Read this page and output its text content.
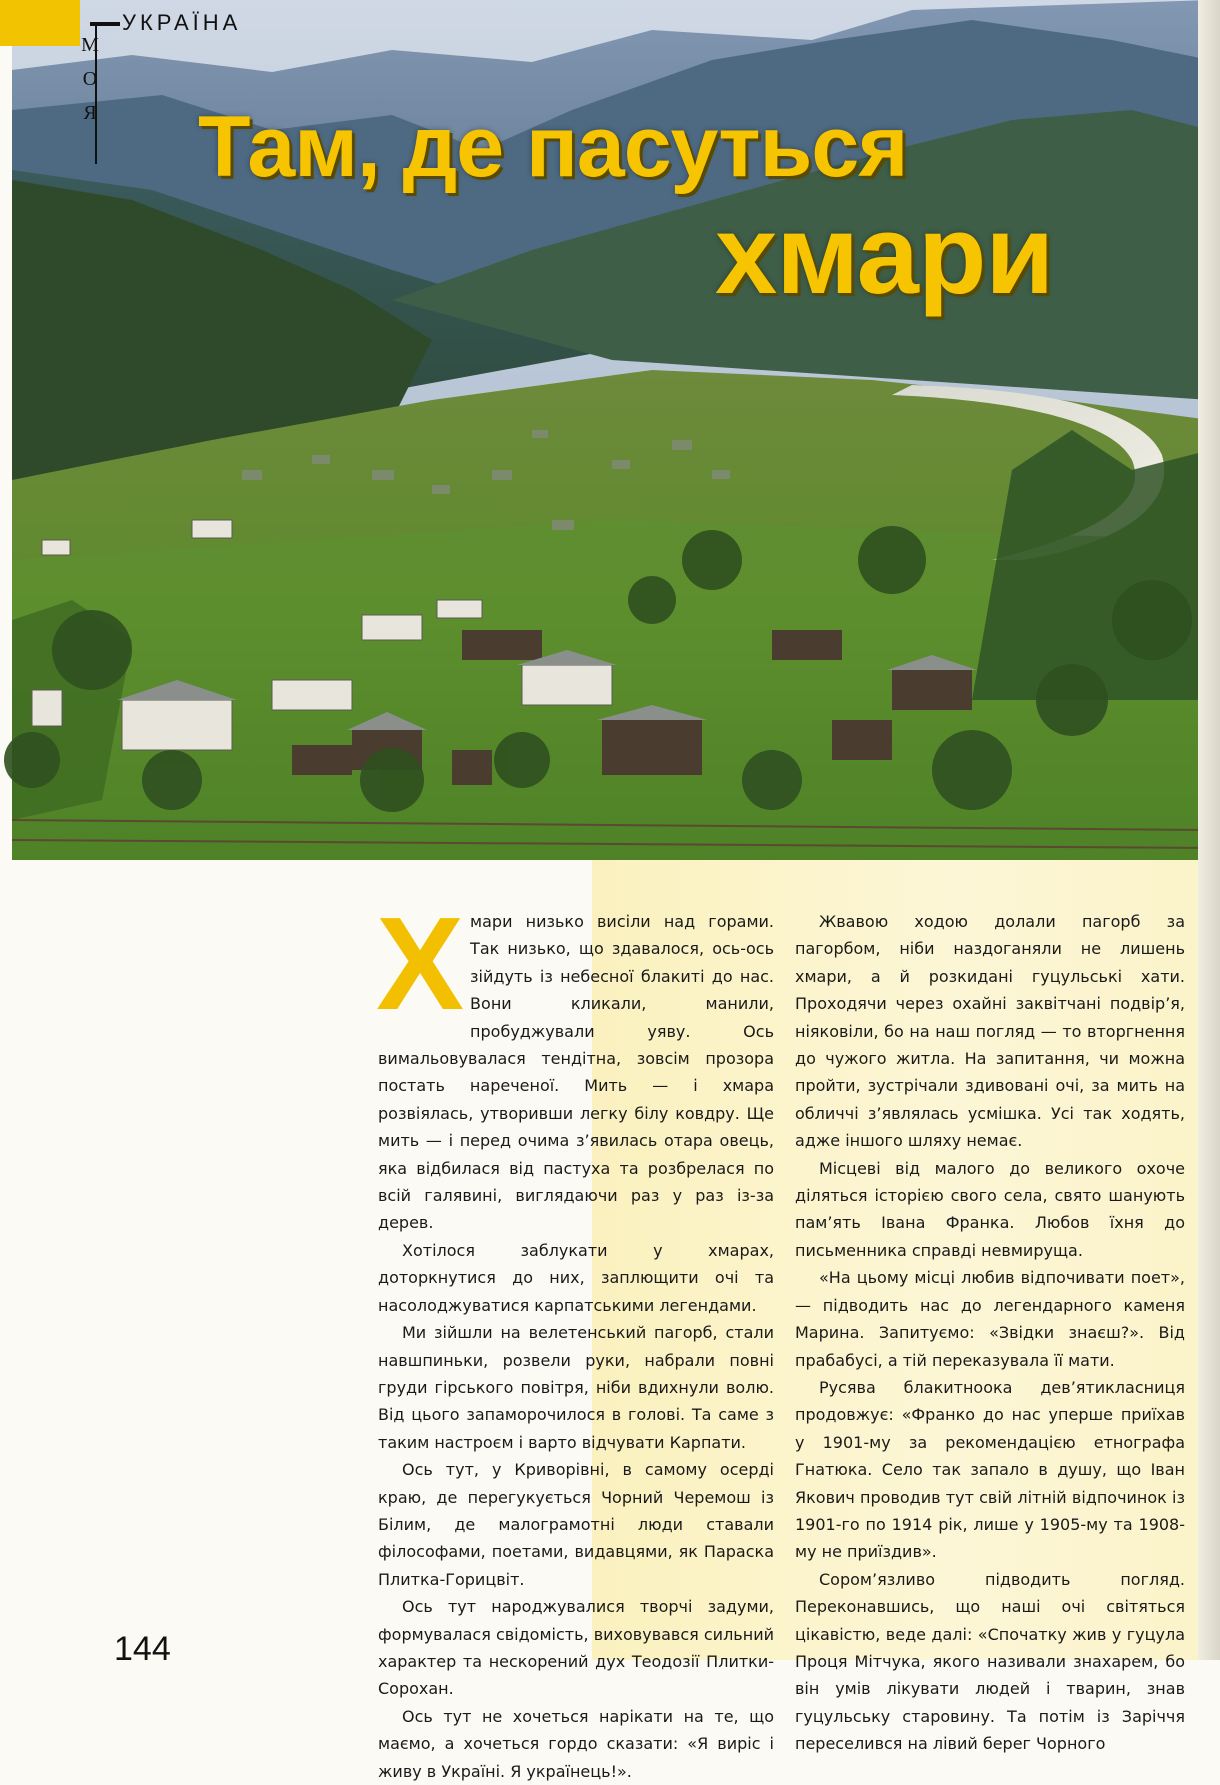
М
О
Я
УКРАЇНА
Там, де пасуться
хмари

Хмари низько висіли над горами. Так низько, що здавалося, ось-ось зійдуть із небесної блакиті до нас. Вони кликали, манили, пробуджували уяву. Ось вимальовувалася тендітна, зовсім прозора постать нареченої. Мить — і хмара розвіялась, утворивши легку білу ковдру. Ще мить — і перед очима з’явилась отара овець, яка відбилася від пастуха та розбрелася по всій галявині, виглядаючи раз у раз із-за дерев.

Хотілося заблукати у хмарах, доторкнутися до них, заплющити очі та насолоджуватися карпатськими легендами.

Ми зійшли на велетенський пагорб, стали навшпиньки, розвели руки, набрали повні груди гірського повітря, ніби вдихнули волю. Від цього запаморочилося в голові. Та саме з таким настроєм і варто відчувати Карпати.

Ось тут, у Криворівні, в самому осерді краю, де перегукується Чорний Черемош із Білим, де малограмотні люди ставали філософами, поетами, видавцями, як Параска Плитка-Горицвіт.

Ось тут народжувалися творчі задуми, формувалася свідомість, виховувався сильний характер та нескорений дух Теодозії Плитки-Сорохан.

Ось тут не хочеться нарікати на те, що маємо, а хочеться гордо сказати: «Я виріс і живу в Україні. Я українець!».

Жвавою ходою долали пагорб за пагорбом, ніби наздоганяли не лишень хмари, а й розкидані гуцульські хати. Проходячи через охайні заквітчані подвір’я, ніяковіли, бо на наш погляд — то вторгнення до чужого житла. На запитання, чи можна пройти, зустрічали здивовані очі, за мить на обличчі з’являлась усмішка. Усі так ходять, адже іншого шляху немає.

Місцеві від малого до великого охоче діляться історією свого села, свято шанують пам’ять Івана Франка. Любов їхня до письменника справді невмируща.

«На цьому місці любив відпочивати поет», — підводить нас до легендарного каменя Марина. Запитуємо: «Звідки знаєш?». Від прабабусі, а тій переказувала її мати.

Русява блакитноока дев’ятикласниця продовжує: «Франко до нас уперше приїхав у 1901-му за рекомендацією етнографа Гнатюка. Село так запало в душу, що Іван Якович проводив тут свій літній відпочинок із 1901-го по 1914 рік, лише у 1905-му та 1908-му не приїздив».

Сором’язливо підводить погляд. Переконавшись, що наші очі світяться цікавістю, веде далі: «Спочатку жив у гуцула Проця Мітчука, якого називали знахарем, бо він умів лікувати людей і тварин, знав гуцульську старовину. Та потім із Заріччя переселився на лівий берег Чорного

144
